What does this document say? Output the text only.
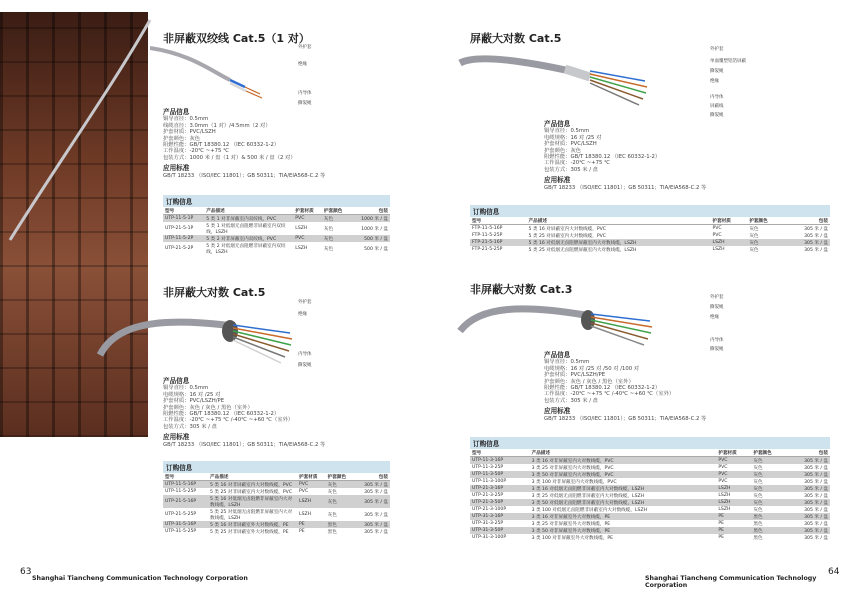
非屏蔽双绞线 Cat.5（1 对）
外护套
绝缘
内导体
撕裂绳
产品信息
铜导直径：0.5mm
线缆直径：3.0mm（1 对）/4.5mm（2 对）
护套材质：PVC/LSZH
护套颜色：灰色
阻燃性能：GB/T 18380.12 （IEC 60332-1-2）
工作温度：-20℃ ~+75 ℃
包装方式：1000 米 / 盘（1 对）& 500 米 / 盘（2 对）
应用标准
GB/T 18233 （ISO/IEC 11801）；GB 50311；TIA/EIA568-C.2 等
订购信息
型号	产品描述	护套材质	护套颜色	包装
UTP-11-5-1P	5 类 1 对非屏蔽室内双绞线，PVC	PVC	灰色	1000 米 / 盘
UTP-21-5-1P	5 类 1 对低烟无卤阻燃非屏蔽室内双绞线，LSZH	LSZH	灰色	1000 米 / 盘
UTP-11-5-2P	5 类 2 对非屏蔽室内双绞线，PVC	PVC	灰色	500 米 / 盘
UTP-21-5-2P	5 类 2 对低烟无卤阻燃非屏蔽室内双绞线，LSZH	LSZH	灰色	500 米 / 盘
非屏蔽大对数 Cat.5
外护套
绝缘
内导体
撕裂绳
产品信息
铜导直径：0.5mm
电缆规格：16 对 /25 对
护套材质：PVC/LSZH/PE
护套颜色：灰色 / 灰色 / 黑色（室外）
阻燃性能：GB/T 18380.12 （IEC 60332-1-2）
工作温度：-20℃ ~+75 ℃ /-40℃ ~+60 ℃（室外）
包装方式：305 米 / 盘
应用标准
GB/T 18233 （ISO/IEC 11801）；GB 50311；TIA/EIA568-C.2 等
订购信息
型号	产品描述	护套材质	护套颜色	包装
UTP-11-5-16P	5 类 16 对非屏蔽室内大对数线缆，PVC	PVC	灰色	305 米 / 盘
UTP-11-5-25P	5 类 25 对非屏蔽室内大对数线缆，PVC	PVC	灰色	305 米 / 盘
UTP-21-5-16P	5 类 16 对低烟无卤阻燃非屏蔽室内大对数线缆，LSZH	LSZH	灰色	305 米 / 盘
UTP-21-5-25P	5 类 25 对低烟无卤阻燃非屏蔽室内大对数线缆，LSZH	LSZH	灰色	305 米 / 盘
UTP-31-5-16P	5 类 16 对非屏蔽室外大对数线缆，PE	PE	黑色	305 米 / 盘
UTP-31-5-25P	5 类 25 对非屏蔽室外大对数线缆，PE	PE	黑色	305 米 / 盘
63
Shanghai Tiancheng Communication Technology Corporation
屏蔽大对数 Cat.5
外护套
单面覆塑铝箔屏蔽
撕裂绳
绝缘
内导体
屏蔽线
撕裂绳
产品信息
铜导直径：0.5mm
电缆规格：16 对 /25 对
护套材质：PVC/LSZH
护套颜色：灰色
阻燃性能：GB/T 18380.12 （IEC 60332-1-2）
工作温度：-20℃ ~+75 ℃
包装方式：305 米 / 盘
应用标准
GB/T 18233 （ISO/IEC 11801）；GB 50311；TIA/EIA568-C.2 等
订购信息
型号	产品描述	护套材质	护套颜色	包装
FTP-11-5-16P	5 类 16 对屏蔽室内大对数线缆，PVC	PVC	灰色	305 米 / 盘
FTP-11-5-25P	5 类 25 对屏蔽室内大对数线缆，PVC	PVC	灰色	305 米 / 盘
FTP-21-5-16P	5 类 16 对低烟无卤阻燃屏蔽室内大对数线缆，LSZH	LSZH	灰色	305 米 / 盘
FTP-21-5-25P	5 类 25 对低烟无卤阻燃屏蔽室内大对数线缆，LSZH	LSZH	灰色	305 米 / 盘
非屏蔽大对数 Cat.3
外护套
撕裂绳
绝缘
内导体
撕裂绳
产品信息
铜导直径：0.5mm
电缆规格：16 对 /25 对 /50 对 /100 对
护套材质：PVC/LSZH/PE
护套颜色：灰色 / 灰色 / 黑色（室外）
阻燃性能：GB/T 18380.12 （IEC 60332-1-2）
工作温度：-20℃ ~+75 ℃ /-40℃ ~+60 ℃（室外）
包装方式：305 米 / 盘
应用标准
GB/T 18233 （ISO/IEC 11801）；GB 50311；TIA/EIA568-C.2 等
订购信息
型号	产品描述	护套材质	护套颜色	包装
UTP-11-3-16P	3 类 16 对非屏蔽室内大对数线缆，PVC	PVC	灰色	305 米 / 盘
UTP-11-3-25P	3 类 25 对非屏蔽室内大对数线缆，PVC	PVC	灰色	305 米 / 盘
UTP-11-3-50P	3 类 50 对非屏蔽室内大对数线缆，PVC	PVC	灰色	305 米 / 盘
UTP-11-3-100P	3 类 100 对非屏蔽室内大对数线缆，PVC	PVC	灰色	305 米 / 盘
UTP-21-3-16P	3 类 16 对低烟无卤阻燃非屏蔽室内大对数线缆，LSZH	LSZH	灰色	305 米 / 盘
UTP-21-3-25P	3 类 25 对低烟无卤阻燃非屏蔽室内大对数线缆，LSZH	LSZH	灰色	305 米 / 盘
UTP-21-3-50P	3 类 50 对低烟无卤阻燃非屏蔽室内大对数线缆，LSZH	LSZH	灰色	305 米 / 盘
UTP-21-3-100P	3 类 100 对低烟无卤阻燃非屏蔽室内大对数线缆，LSZH	LSZH	灰色	305 米 / 盘
UTP-31-3-16P	3 类 16 对非屏蔽室外大对数线缆，PE	PE	黑色	305 米 / 盘
UTP-31-3-25P	3 类 25 对非屏蔽室外大对数线缆，PE	PE	黑色	305 米 / 盘
UTP-31-3-50P	3 类 50 对非屏蔽室外大对数线缆，PE	PE	黑色	305 米 / 盘
UTP-31-3-100P	3 类 100 对非屏蔽室外大对数线缆，PE	PE	黑色	305 米 / 盘
Shanghai Tiancheng Communication Technology Corporation
64
